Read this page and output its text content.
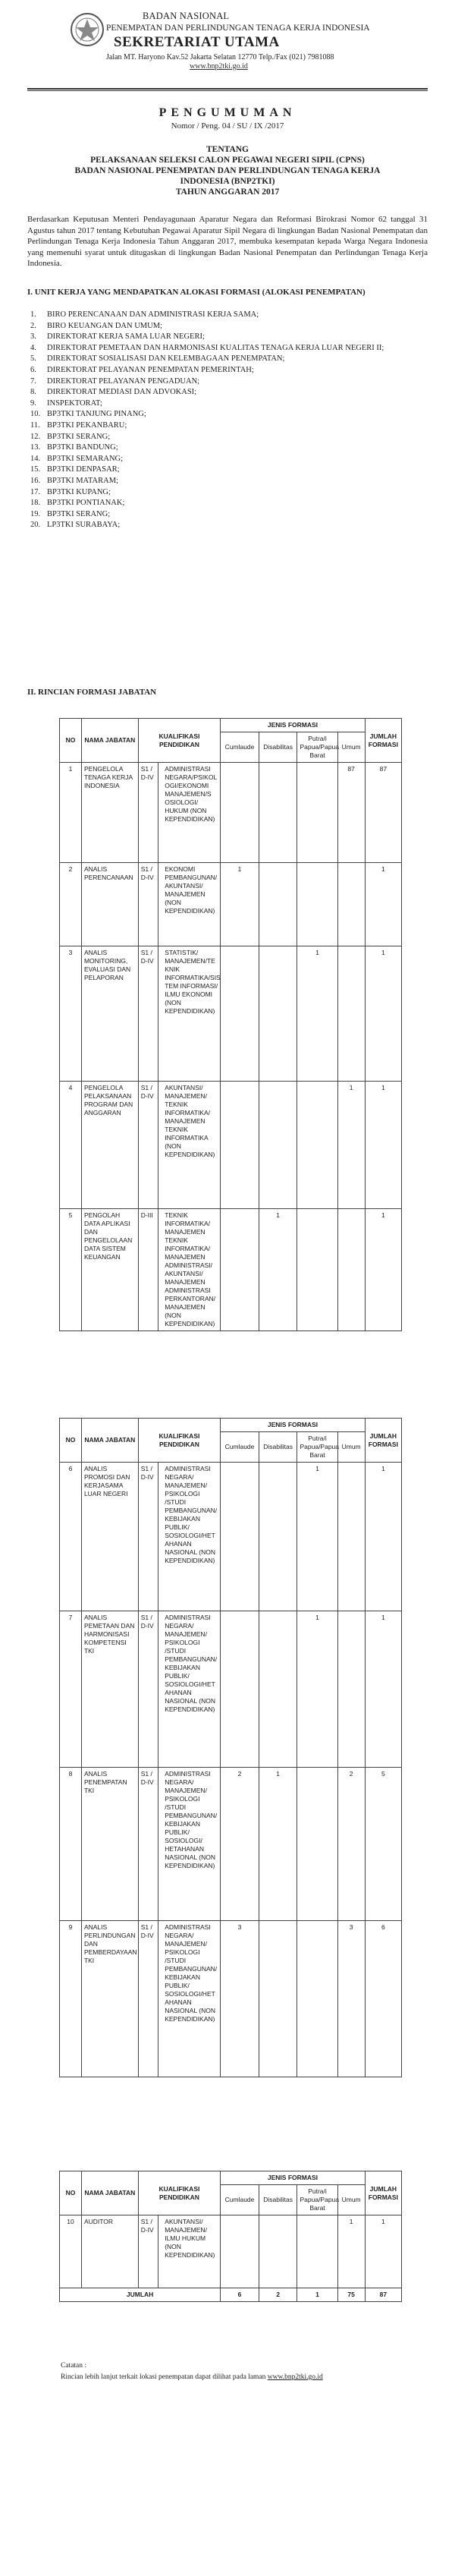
BADAN NASIONAL
PENEMPATAN DAN PERLINDUNGAN TENAGA KERJA INDONESIA
SEKRETARIAT UTAMA
Jalan MT. Haryono Kav.52 Jakarta Selatan 12770 Telp./Fax (021) 7981088
www.bnp2tki.go.id
PENGUMUMAN
Nomor / Peng. 04 / SU / IX /2017
TENTANG
PELAKSANAAN SELEKSI CALON PEGAWAI NEGERI SIPIL (CPNS)
BADAN NASIONAL PENEMPATAN DAN PERLINDUNGAN TENAGA KERJA
INDONESIA (BNP2TKI)
TAHUN ANGGARAN 2017
Berdasarkan Keputusan Menteri Pendayagunaan Aparatur Negara dan Reformasi Birokrasi Nomor 62 tanggal 31 Agustus tahun 2017 tentang Kebutuhan Pegawai Aparatur Sipil Negara di lingkungan Badan Nasional Penempatan dan Perlindungan Tenaga Kerja Indonesia Tahun Anggaran 2017, membuka kesempatan kepada Warga Negara Indonesia yang memenuhi syarat untuk ditugaskan di lingkungan Badan Nasional Penempatan dan Perlindungan Tenaga Kerja Indonesia.
I. UNIT KERJA YANG MENDAPATKAN ALOKASI FORMASI (ALOKASI PENEMPATAN)
1. BIRO PERENCANAAN DAN ADMINISTRASI KERJA SAMA;
2. BIRO KEUANGAN DAN UMUM;
3. DIREKTORAT KERJA SAMA LUAR NEGERI;
4. DIREKTORAT PEMETAAN DAN HARMONISASI KUALITAS TENAGA KERJA LUAR NEGERI II;
5. DIREKTORAT SOSIALISASI DAN KELEMBAGAAN PENEMPATAN;
6. DIREKTORAT PELAYANAN PENEMPATAN PEMERINTAH;
7. DIREKTORAT PELAYANAN PENGADUAN;
8. DIREKTORAT MEDIASI DAN ADVOKASI;
9. INSPEKTORAT;
10. BP3TKI TANJUNG PINANG;
11. BP3TKI PEKANBARU;
12. BP3TKI SERANG;
13. BP3TKI BANDUNG;
14. BP3TKI SEMARANG;
15. BP3TKI DENPASAR;
16. BP3TKI MATARAM;
17. BP3TKI KUPANG;
18. BP3TKI PONTIANAK;
19. BP3TKI SERANG;
20. LP3TKI SURABAYA;
II. RINCIAN FORMASI JABATAN
NO	NAMA JABATAN	KUALIFIKASI PENDIDIKAN		JENIS FORMASI				JUMLAH FORMASI
				Cumlaude	Disabilitas	Putra/i Papua/Papua Barat	Umum	
1	PENGELOLA TENAGA KERJA INDONESIA	S1 / D-IV	ADMINISTRASI NEGARA/PSIKOL OGI/EKONOMI MANAJEMEN/S OSIOLOGI/ HUKUM (NON KEPENDIDIKAN)				87	87
2	ANALIS PERENCANAAN	S1 / D-IV	EKONOMI PEMBANGUNAN/ AKUNTANSI/ MANAJEMEN (NON KEPENDIDIKAN)	1				1
3	ANALIS MONITORING, EVALUASI DAN PELAPORAN	S1 / D-IV	STATISTIK/ MANAJEMEN/TE KNIK INFORMATIKA/SIS TEM INFORMASI/ ILMU EKONOMI (NON KEPENDIDIKAN)			1		1
4	PENGELOLA PELAKSANAAN PROGRAM DAN ANGGARAN	S1 / D-IV	AKUNTANSI/ MANAJEMEN/ TEKNIK INFORMATIKA/ MANAJEMEN TEKNIK INFORMATIKA (NON KEPENDIDIKAN)				1	1
5	PENGOLAH DATA APLIKASI DAN PENGELOLAAN DATA SISTEM KEUANGAN	D-III	TEKNIK INFORMATIKA/ MANAJEMEN TEKNIK INFORMATIKA/ MANAJEMEN ADMINISTRASI/ AKUNTANSI/ MANAJEMEN ADMINISTRASI PERKANTORAN/ MANAJEMEN (NON KEPENDIDIKAN)		1			1
NO	NAMA JABATAN	KUALIFIKASI PENDIDIKAN		JENIS FORMASI				JUMLAH FORMASI
				Cumlaude	Disabilitas	Putra/i Papua/Papua Barat	Umum	
6	ANALIS PROMOSI DAN KERJASAMA LUAR NEGERI	S1 / D-IV	ADMINISTRASI NEGARA/ MANAJEMEN/ PSIKOLOGI /STUDI PEMBANGUNAN/ KEBIJAKAN PUBLIK/ SOSIOLOGI/HET AHANAN NASIONAL (NON KEPENDIDIKAN)			1		1
7	ANALIS PEMETAAN DAN HARMONISASI KOMPETENSI TKI	S1 / D-IV	ADMINISTRASI NEGARA/ MANAJEMEN/ PSIKOLOGI /STUDI PEMBANGUNAN/ KEBIJAKAN PUBLIK/ SOSIOLOGI/HET AHANAN NASIONAL (NON KEPENDIDIKAN)			1		1
8	ANALIS PENEMPATAN TKI	S1 / D-IV	ADMINISTRASI NEGARA/ MANAJEMEN/ PSIKOLOGI /STUDI PEMBANGUNAN/ KEBIJAKAN PUBLIK/ SOSIOLOGI/ HETAHANAN NASIONAL (NON KEPENDIDIKAN)	2	1		2	5
9	ANALIS PERLINDUNGAN DAN PEMBERDAYAAN TKI	S1 / D-IV	ADMINISTRASI NEGARA/ MANAJEMEN/ PSIKOLOGI /STUDI PEMBANGUNAN/ KEBIJAKAN PUBLIK/ SOSIOLOGI/HET AHANAN NASIONAL (NON KEPENDIDIKAN)	3			3	6
NO	NAMA JABATAN	KUALIFIKASI PENDIDIKAN		JENIS FORMASI				JUMLAH FORMASI
				Cumlaude	Disabilitas	Putra/i Papua/Papua Barat	Umum	
10	AUDITOR	S1 / D-IV	AKUNTANSI/ MANAJEMEN/ ILMU HUKUM (NON KEPENDIDIKAN)				1	1
JUMLAH				6	2	1	75	87
Catatan :
Rincian lebih lanjut terkait lokasi penempatan dapat dilihat pada laman www.bnp2tki.go.id
